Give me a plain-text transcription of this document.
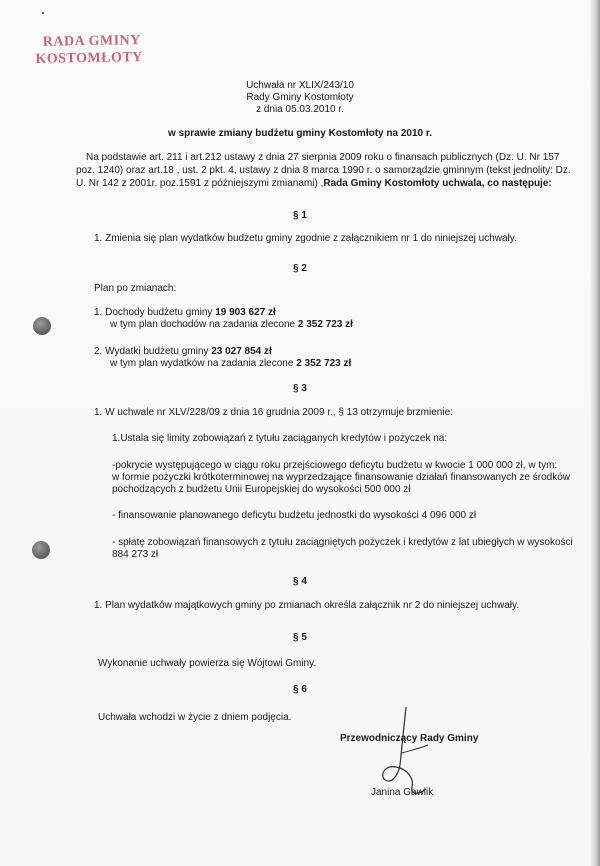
RADA GMINY
KOSTOMŁOTY
Uchwała nr XLIX/243/10
Rady Gminy Kostomłoty
z dnia 05.03.2010 r.
w sprawie zmiany budżetu gminy Kostomłoty na 2010 r.
Na podstawie art. 211 i art.212 ustawy z dnia 27 sierpnia 2009 roku o finansach publicznych (Dz. U. Nr 157
poz. 1240) oraz art.18 , ust. 2 pkt. 4, ustawy z dnia 8 marca 1990 r. o samorządzie gminnym (tekst jednolity: Dz.
U. Nr 142 z 2001r. poz.1591 z późniejszymi zmianami) ,Rada Gminy Kostomłoty uchwala, co następuje:
§ 1
1. Zmienia się plan wydatków budżetu gminy zgodnie z załącznikiem nr 1 do niniejszej uchwały.
§ 2
Plan po zmianach:
1. Dochody budżetu gminy 19 903 627 zł
w tym plan dochodów na zadania zlecone 2 352 723 zł
2. Wydatki budżetu gminy 23 027 854 zł
w tym plan wydatków na zadania zlecone 2 352 723 zł
§ 3
1. W uchwale nr XLV/228/09 z dnia 16 grudnia 2009 r., § 13 otrzymuje brzmienie:
1.Ustala się limity zobowiązań z tytułu zaciąganych kredytów i pożyczek na:
-pokrycie występującego w ciągu roku przejściowego deficytu budżetu w kwocie 1 000 000 zł, w tym:
w formie pożyczki krótkoterminowej na wyprzedzające finansowanie działań finansowanych ze środków
pochodzących z budżetu Unii Europejskiej do wysokości 500 000 zł
- finansowanie planowanego deficytu budżetu jednostki do wysokości 4 096 000 zł
- spłatę zobowiązań finansowych z tytułu zaciągniętych pożyczek i kredytów z lat ubiegłych w wysokości
884 273 zł
§ 4
1. Plan wydatków majątkowych gminy po zmianach określa załącznik nr 2 do niniejszej uchwały.
§ 5
Wykonanie uchwały powierza się Wójtowi Gminy.
§ 6
Uchwała wchodzi w życie z dniem podjęcia.
Przewodniczący Rady Gminy
Janina Gawlik
